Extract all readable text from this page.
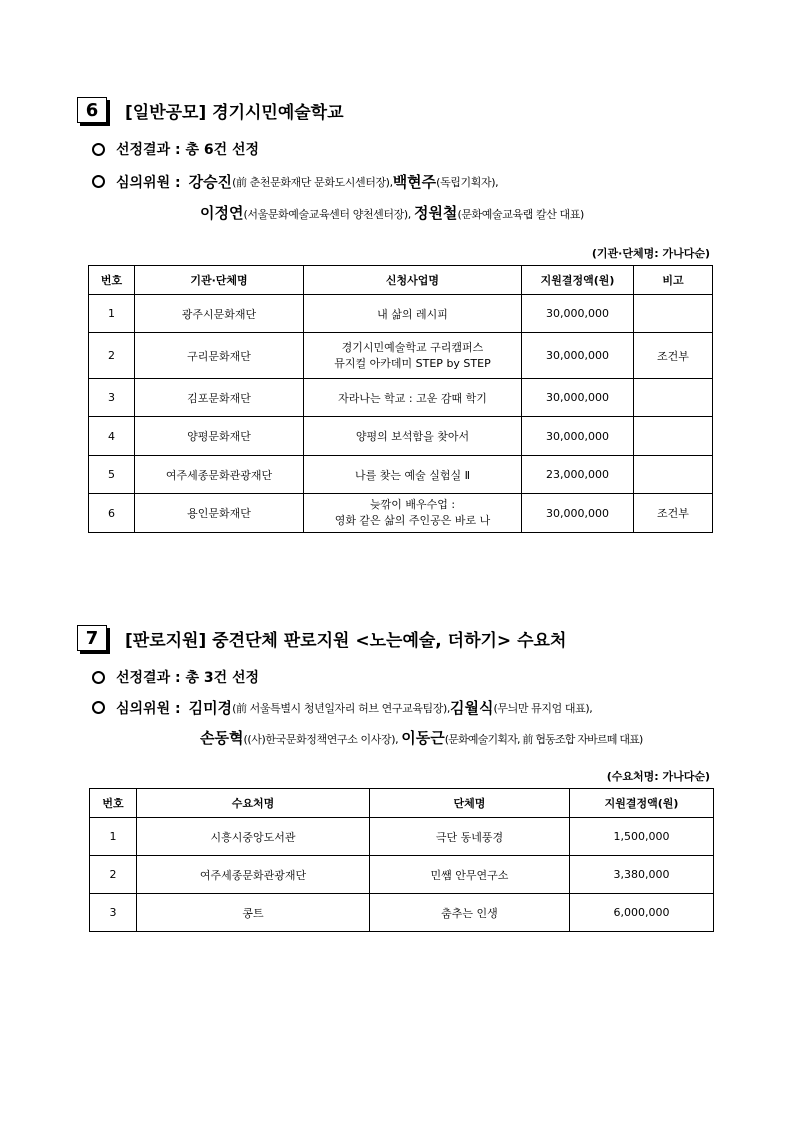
6	[일반공모] 경기시민예술학교
선정결과 : 총 6건 선정
심의위원 : 강승진 (前 춘천문화재단 문화도시센터장), 백현주 (독립기획자),
이정연(서울문화예술교육센터 양천센터장), 정원철(문화예술교육랩 칼산 대표)
(기관·단체명: 가나다순)
번호	기관·단체명	신청사업명	지원결정액(원)	비고
1	광주시문화재단	내 삶의 레시피	30,000,000	
2	구리문화재단	경기시민예술학교 구리캠퍼스
뮤지컬 아카데미 STEP by STEP	30,000,000	조건부
3	김포문화재단	자라나는 학교 : 고운 감때 학기	30,000,000	
4	양평문화재단	양평의 보석함을 찾아서	30,000,000	
5	여주세종문화관광재단	나를 찾는 예술 실험실 Ⅱ	23,000,000	
6	용인문화재단	늦깎이 배우수업 :
영화 같은 삶의 주인공은 바로 나	30,000,000	조건부
7	[판로지원] 중견단체 판로지원 <노는예술, 더하기> 수요처
선정결과 : 총 3건 선정
심의위원 : 김미경 (前 서울특별시 청년일자리 허브 연구교육팀장), 김월식 (무늬만 뮤지엄 대표),
손동혁((사)한국문화정책연구소 이사장), 이동근(문화예술기획자, 前 협동조합 자바르떼 대표)
(수요처명: 가나다순)
번호	수요처명	단체명	지원결정액(원)
1	시흥시중앙도서관	극단 동네풍경	1,500,000
2	여주세종문화관광재단	민쌤 안무연구소	3,380,000
3	콩트	춤추는 인생	6,000,000
